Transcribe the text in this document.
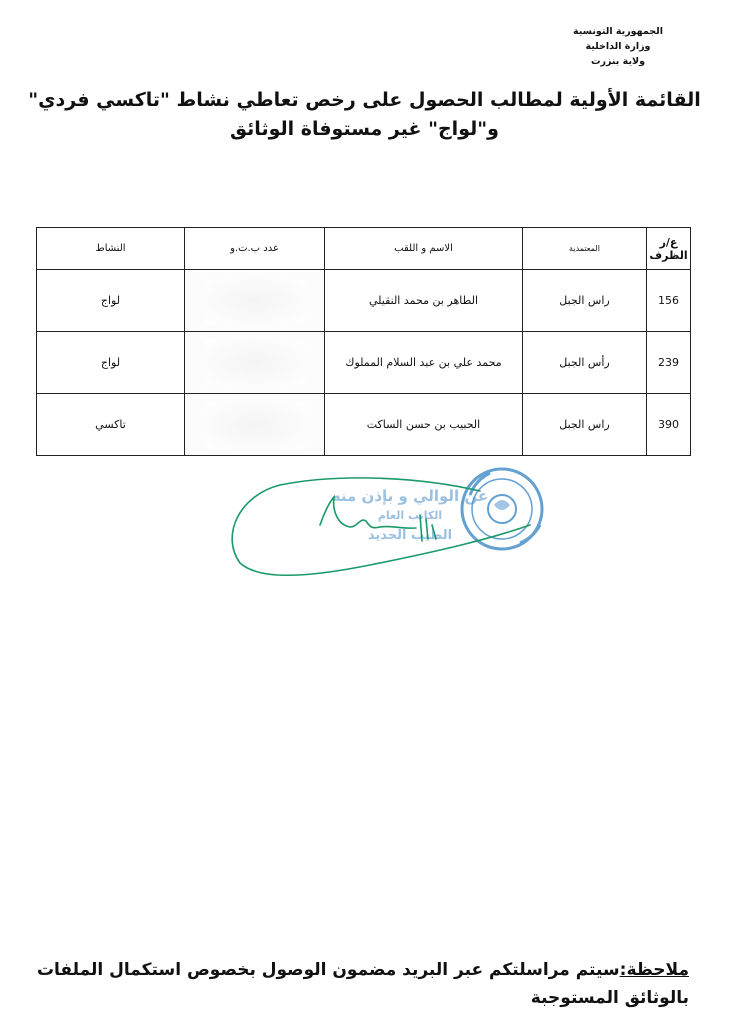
الجمهورية التونسية
وزارة الداخلية
ولاية بنزرت
القائمة الأولية لمطالب الحصول على رخص تعاطي نشاط "تاكسي فردي"
و"لواج" غير مستوفاة الوثائق
ع/ر
الظرف	المعتمدية	الاسم و اللقب	عدد ب.ت.و	النشاط
156	راس الجبل	الطاهر بن محمد النقيلي		لواج
239	رأس الجبل	محمد علي بن عبد السلام المملوك		لواج
390	راس الجبل	الحبيب بن حسن الساكت		تاكسي
عن الوالي و بإذن منه
الكاتب العام
الطيب الحديد
ملاحظة:سيتم مراسلتكم عبر البريد مضمون الوصول بخصوص استكمال الملفات بالوثائق المستوجبة
